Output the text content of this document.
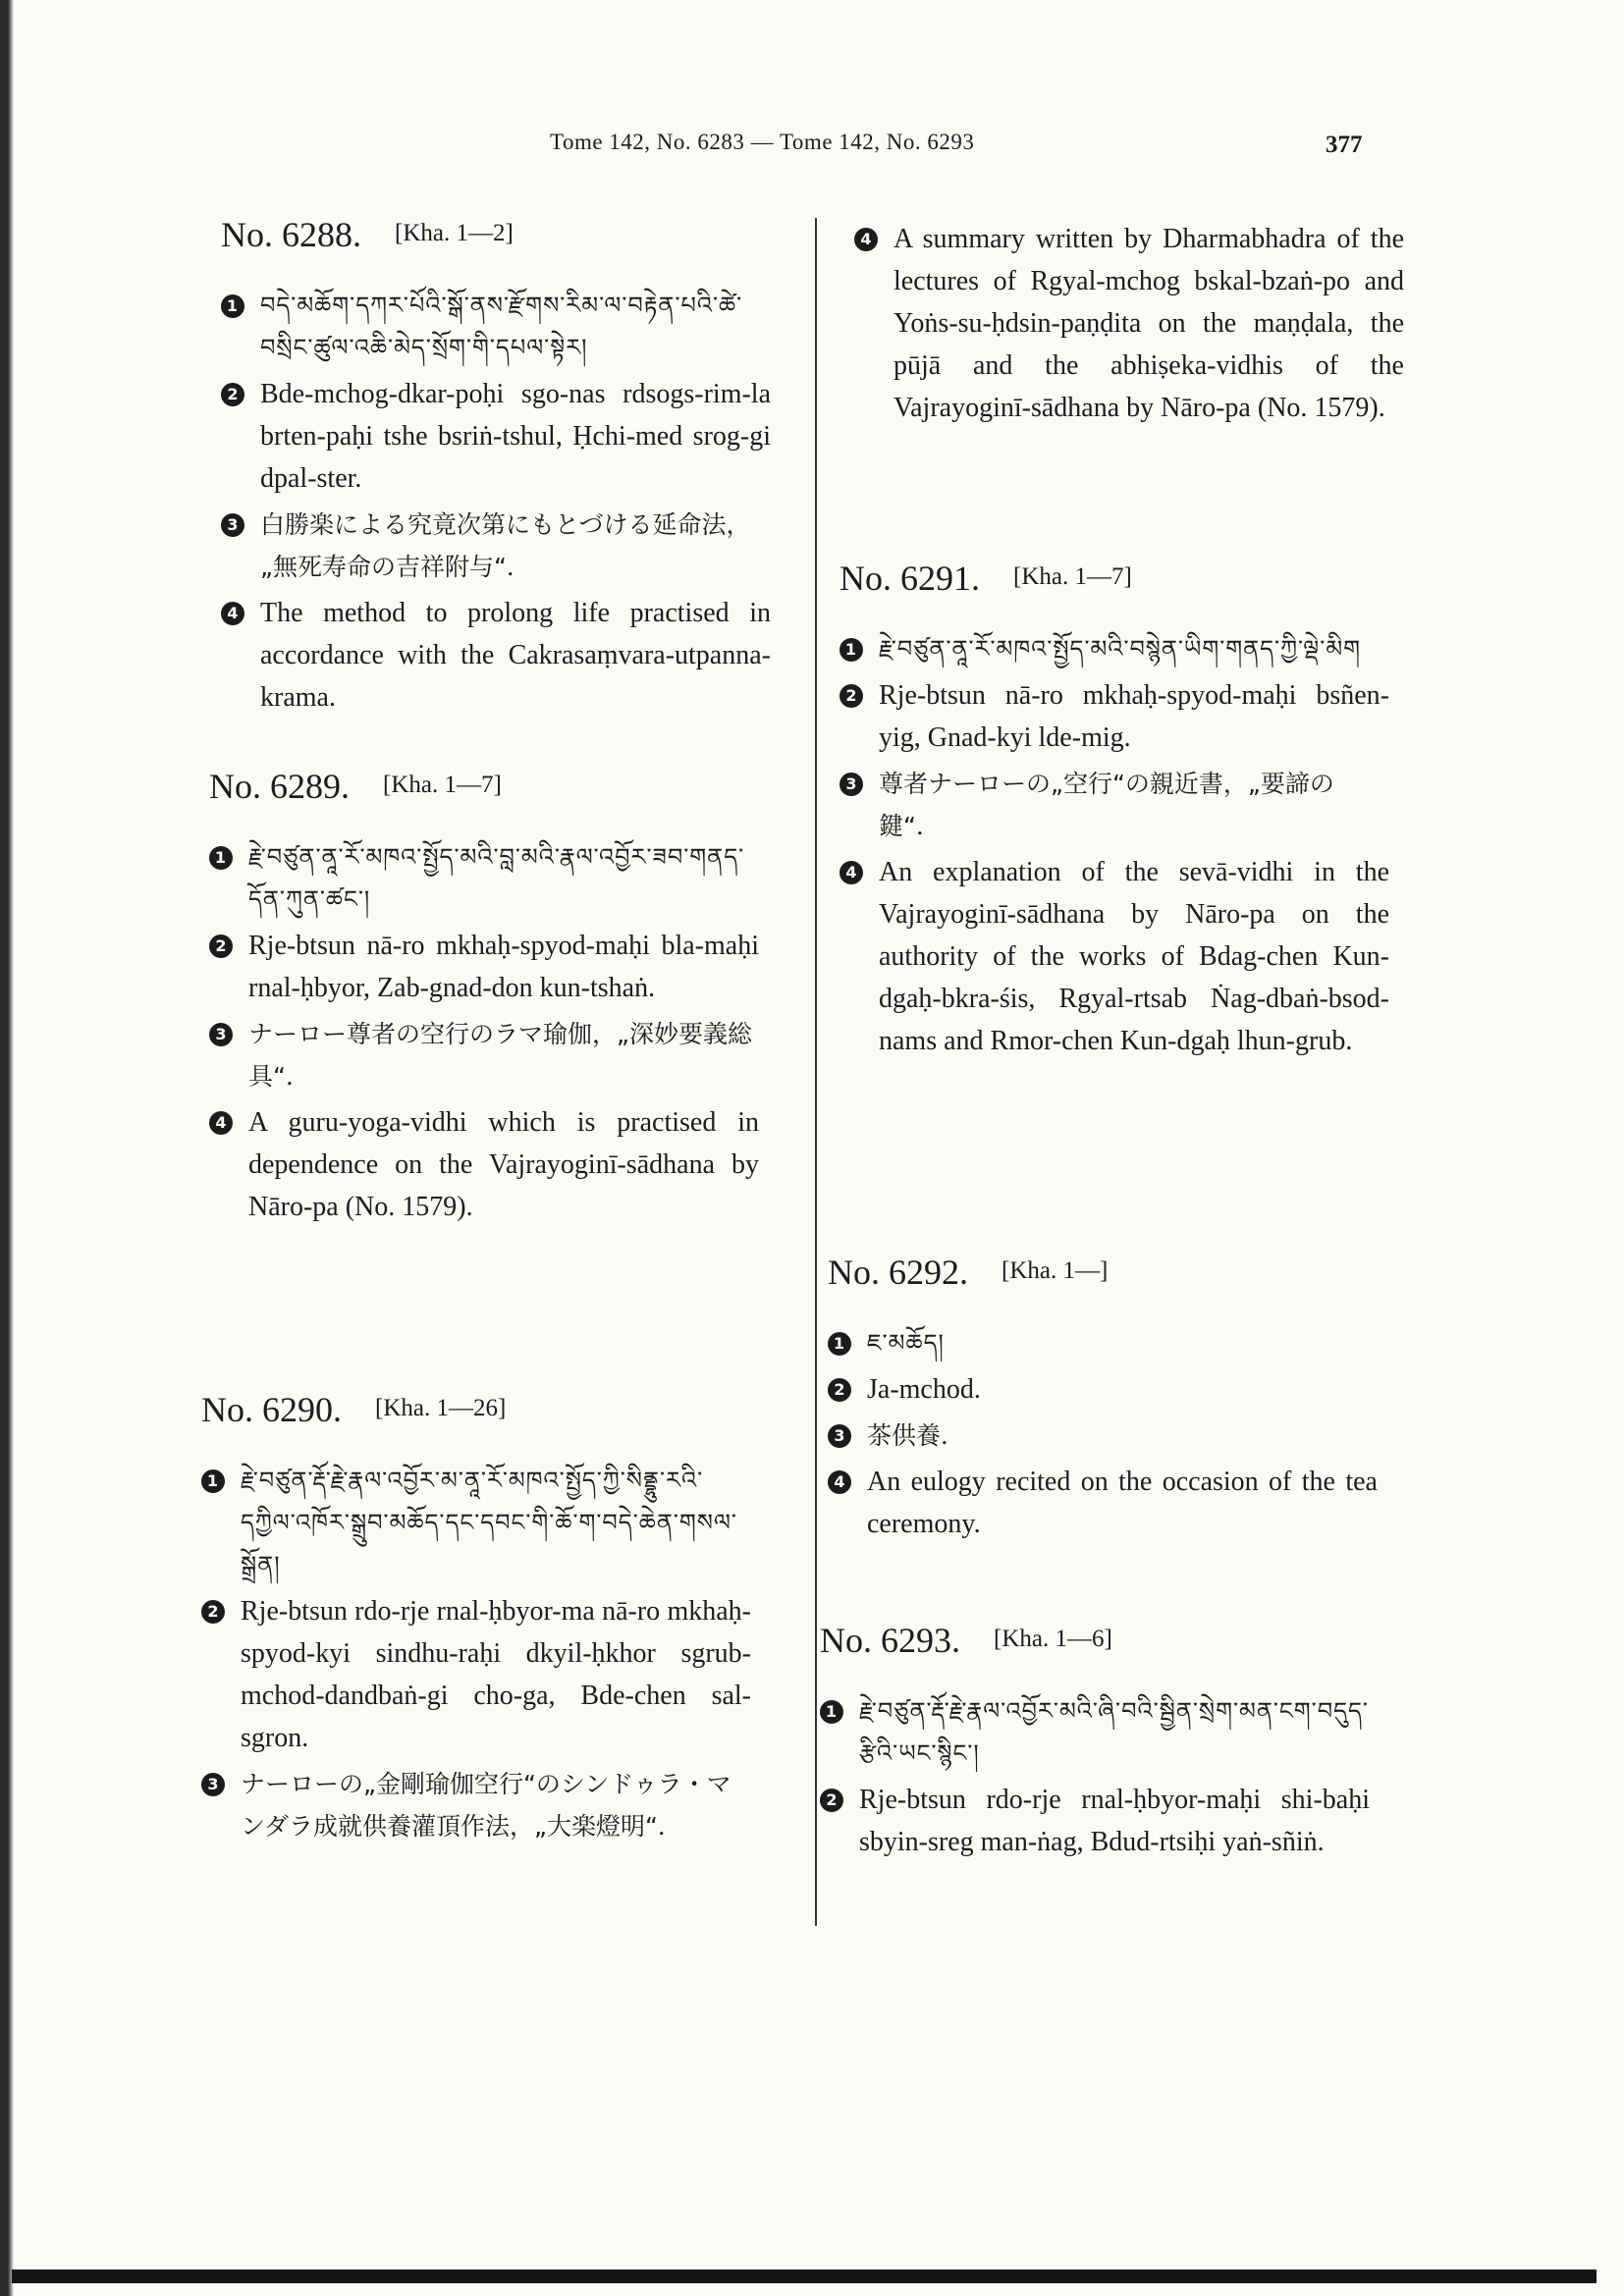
Tome 142, No. 6283 — Tome 142, No. 6293	377
No. 6288. [Kha. 1—2]
1 བདེ་མཆོག་དཀར་པོའི་སྒོ་ནས་རྫོགས་རིམ་ལ་བརྟེན་པའི་ཚེ་བསྲིང་ཚུལ་འཆི་མེད་སྲོག་གི་དཔལ་སྟེར།
2 Bde-mchog-dkar-poḥi sgo-nas rdsogs-rim-la brten-paḥi tshe bsriṅ-tshul, Ḥchi-med srog-gi dpal-ster.
3 白勝楽による究竟次第にもとづける延命法，„無死寿命の吉祥附与“．
4 The method to prolong life practised in accordance with the Cakrasaṃvara-utpanna-krama.
No. 6289. [Kha. 1—7]
1 རྗེ་བཙུན་ནཱ་རོ་མཁའ་སྤྱོད་མའི་བླ་མའི་རྣལ་འབྱོར་ཟབ་གནད་དོན་ཀུན་ཚང་།
2 Rje-btsun nā-ro mkhaḥ-spyod-maḥi bla-maḥi rnal-ḥbyor, Zab-gnad-don kun-tshaṅ.
3 ナーロー尊者の空行のラマ瑜伽，„深妙要義総具“．
4 A guru-yoga-vidhi which is practised in dependence on the Vajrayoginī-sādhana by Nāro-pa (No. 1579).
No. 6290. [Kha. 1—26]
1 རྗེ་བཙུན་རྡོ་རྗེ་རྣལ་འབྱོར་མ་ནཱ་རོ་མཁའ་སྤྱོད་ཀྱི་སིནྡྷུ་རའི་དཀྱིལ་འཁོར་སྒྲུབ་མཆོད་དང་དབང་གི་ཆོ་ག་བདེ་ཆེན་གསལ་སྒྲོན།
2 Rje-btsun rdo-rje rnal-ḥbyor-ma nā-ro mkhaḥ-spyod-kyi sindhu-raḥi dkyil-ḥkhor sgrub-mchod-dandbaṅ-gi cho-ga, Bde-chen sal-sgron.
3 ナーローの„金剛瑜伽空行“のシンドゥラ・マンダラ成就供養灌頂作法，„大楽燈明“．
4 A summary written by Dharmabhadra of the lectures of Rgyal-mchog bskal-bzaṅ-po and Yoṅs-su-ḥdsin-paṇḍita on the maṇḍala, the pūjā and the abhiṣeka-vidhis of the Vajrayoginī-sādhana by Nāro-pa (No. 1579).
No. 6291. [Kha. 1—7]
1 རྗེ་བཙུན་ནཱ་རོ་མཁའ་སྤྱོད་མའི་བསྙེན་ཡིག་གནད་ཀྱི་ལྡེ་མིག
2 Rje-btsun nā-ro mkhaḥ-spyod-maḥi bsñen-yig, Gnad-kyi lde-mig.
3 尊者ナーローの„空行“の親近書，„要諦の鍵“．
4 An explanation of the sevā-vidhi in the Vajrayoginī-sādhana by Nāro-pa on the authority of the works of Bdag-chen Kun-dgaḥ-bkra-śis, Rgyal-rtsab Ṅag-dbaṅ-bsod-nams and Rmor-chen Kun-dgaḥ lhun-grub.
No. 6292. [Kha. 1—]
1 ཇ་མཆོད།
2 Ja-mchod.
3 茶供養．
4 An eulogy recited on the occasion of the tea ceremony.
No. 6293. [Kha. 1—6]
1 རྗེ་བཙུན་རྡོ་རྗེ་རྣལ་འབྱོར་མའི་ཞི་བའི་སྦྱིན་སྲེག་མན་ངག་བདུད་རྩིའི་ཡང་སྙིང་།
2 Rje-btsun rdo-rje rnal-ḥbyor-maḥi shi-baḥi sbyin-sreg man-ṅag, Bdud-rtsiḥi yaṅ-sñiṅ.
